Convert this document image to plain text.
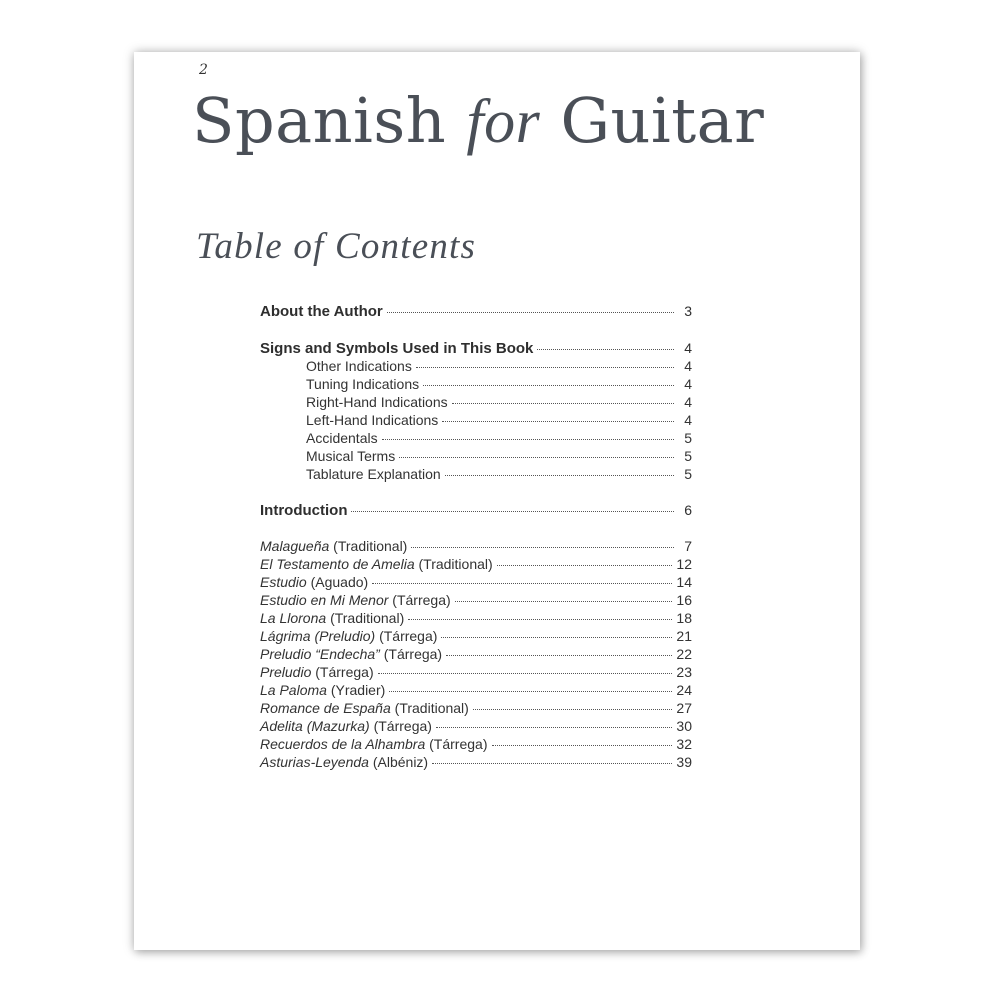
2
Spanish for Guitar
Table of Contents
About the Author	3
Signs and Symbols Used in This Book	4
Other Indications	4
Tuning Indications	4
Right-Hand Indications	4
Left-Hand Indications	4
Accidentals	5
Musical Terms	5
Tablature Explanation	5
Introduction	6
Malagueña (Traditional)	7
El Testamento de Amelia (Traditional)	12
Estudio (Aguado)	14
Estudio en Mi Menor (Tárrega)	16
La Llorona (Traditional)	18
Lágrima (Preludio) (Tárrega)	21
Preludio “Endecha” (Tárrega)	22
Preludio (Tárrega)	23
La Paloma (Yradier)	24
Romance de España (Traditional)	27
Adelita (Mazurka) (Tárrega)	30
Recuerdos de la Alhambra (Tárrega)	32
Asturias-Leyenda (Albéniz)	39
